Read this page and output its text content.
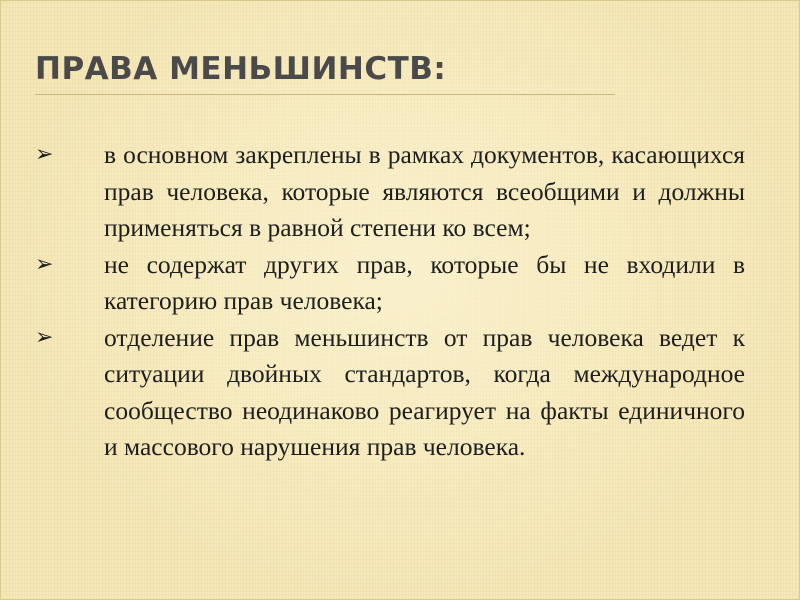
ПРАВА МЕНЬШИНСТВ:
➢	в основном закреплены в рамках документов, касающихся прав человека, которые являются всеобщими и должны применяться в равной степени ко всем;
➢	не содержат других прав, которые бы не входили в категорию прав человека;
➢	отделение прав меньшинств от прав человека ведет к ситуации двойных стандартов, когда международное сообщество неодинаково реагирует на факты единичного и массового нарушения прав человека.
